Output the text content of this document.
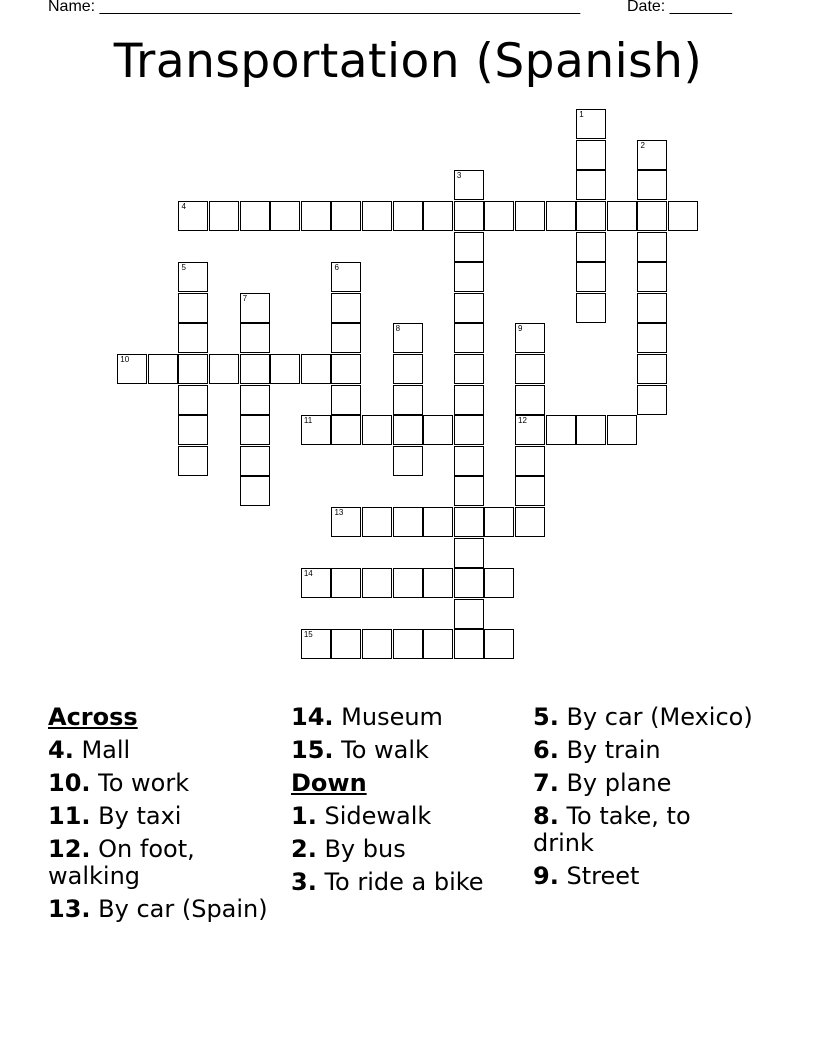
Name: ______________________________________________________	Date: _______
Transportation (Spanish)
1
2
3
4
5	6
7
8	9
12
10
11
13
14
15
Across
4. Mall
10. To work
11. By taxi
12. On foot, walking
13. By car (Spain)
14. Museum
15. To walk
Down
1. Sidewalk
2. By bus
3. To ride a bike
5. By car (Mexico)
6. By train
7. By plane
8. To take, to drink
9. Street
